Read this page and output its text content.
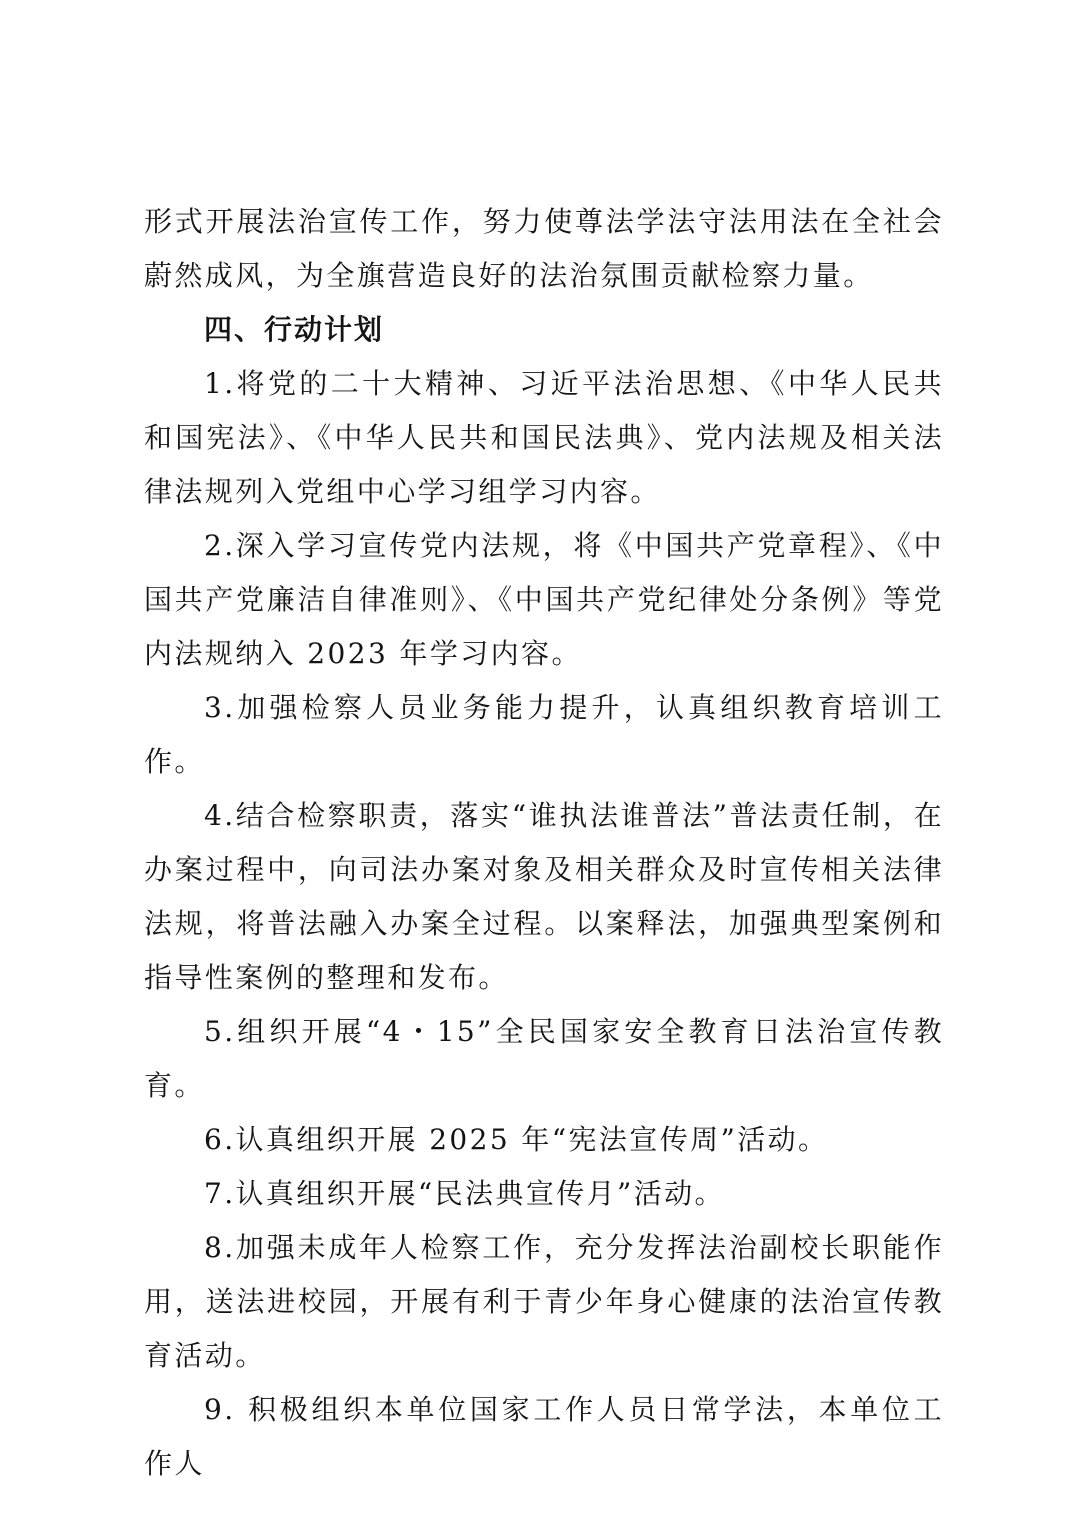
形式开展法治宣传工作，努力使尊法学法守法用法在全社会蔚然成风，为全旗营造良好的法治氛围贡献检察力量。

四、行动计划

1.将党的二十大精神、习近平法治思想、《中华人民共和国宪法》、《中华人民共和国民法典》、党内法规及相关法律法规列入党组中心学习组学习内容。

2.深入学习宣传党内法规，将《中国共产党章程》、《中国共产党廉洁自律准则》、《中国共产党纪律处分条例》等党内法规纳入 2023 年学习内容。

3.加强检察人员业务能力提升，认真组织教育培训工作。

4.结合检察职责，落实“谁执法谁普法”普法责任制，在办案过程中，向司法办案对象及相关群众及时宣传相关法律法规，将普法融入办案全过程。以案释法，加强典型案例和指导性案例的整理和发布。

5.组织开展“4・15”全民国家安全教育日法治宣传教育。

6.认真组织开展 2025 年“宪法宣传周”活动。

7.认真组织开展“民法典宣传月”活动。

8.加强未成年人检察工作，充分发挥法治副校长职能作用，送法进校园，开展有利于青少年身心健康的法治宣传教育活动。

9. 积极组织本单位国家工作人员日常学法，本单位工作人
